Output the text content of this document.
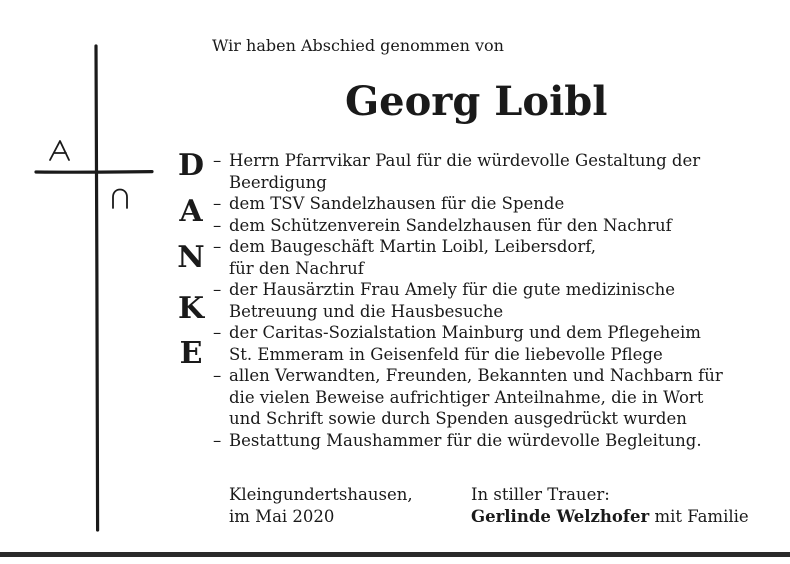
Wir haben Abschied genommen von
Georg Loibl
D
A
N
K
E
– Herrn Pfarrvikar Paul für die würdevolle Gestaltung der
Beerdigung
– dem TSV Sandelzhausen für die Spende
– dem Schützenverein Sandelzhausen für den Nachruf
– dem Baugeschäft Martin Loibl, Leibersdorf,
für den Nachruf
– der Hausärztin Frau Amely für die gute medizinische
Betreuung und die Hausbesuche
– der Caritas-Sozialstation Mainburg und dem Pflegeheim
St. Emmeram in Geisenfeld für die liebevolle Pflege
– allen Verwandten, Freunden, Bekannten und Nachbarn für
die vielen Beweise aufrichtiger Anteilnahme, die in Wort
und Schrift sowie durch Spenden ausgedrückt wurden
– Bestattung Maushammer für die würdevolle Begleitung.
Kleingundertshausen,
im Mai 2020
In stiller Trauer:
Gerlinde Welzhofer mit Familie
